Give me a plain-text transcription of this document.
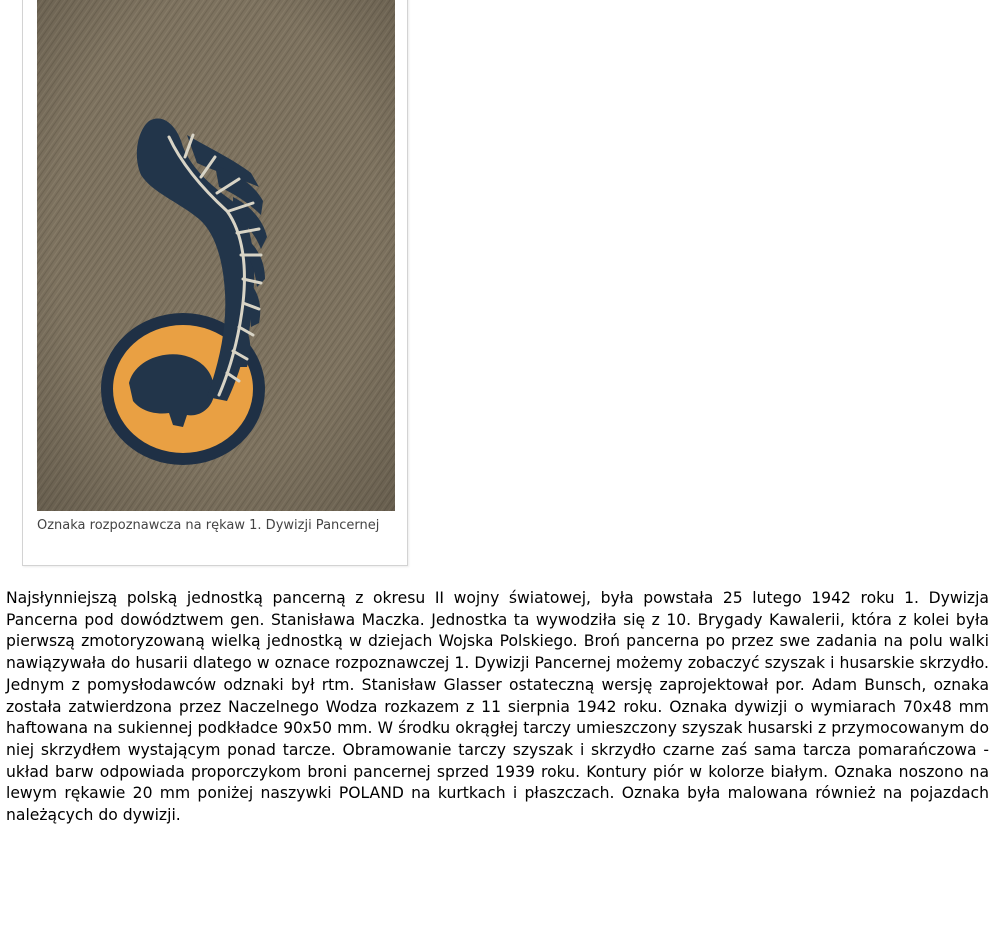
Oznaka rozpoznawcza na rękaw 1. Dywizji Pancernej

Najsłynniejszą polską jednostką pancerną z okresu II wojny światowej, była powstała 25 lutego 1942 roku 1. Dywizja Pancerna pod dowództwem gen. Stanisława Maczka. Jednostka ta wywodziła się z 10. Brygady Kawalerii, która z kolei była pierwszą zmotoryzowaną wielką jednostką w dziejach Wojska Polskiego. Broń pancerna po przez swe zadania na polu walki nawiązywała do husarii dlatego w oznace rozpoznawczej 1. Dywizji Pancernej możemy zobaczyć szyszak i husarskie skrzydło. Jednym z pomysłodawców odznaki był rtm. Stanisław Glasser ostateczną wersję zaprojektował por. Adam Bunsch, oznaka została zatwierdzona przez Naczelnego Wodza rozkazem z 11 sierpnia 1942 roku. Oznaka dywizji o wymiarach 70x48 mm haftowana na sukiennej podkładce 90x50 mm. W środku okrągłej tarczy umieszczony szyszak husarski z przymocowanym do niej skrzydłem wystającym ponad tarcze. Obramowanie tarczy szyszak i skrzydło czarne zaś sama tarcza pomarańczowa - układ barw odpowiada proporczykom broni pancernej sprzed 1939 roku. Kontury piór w kolorze białym. Oznaka noszono na lewym rękawie 20 mm poniżej naszywki POLAND na kurtkach i płaszczach. Oznaka była malowana również na pojazdach należących do dywizji.
